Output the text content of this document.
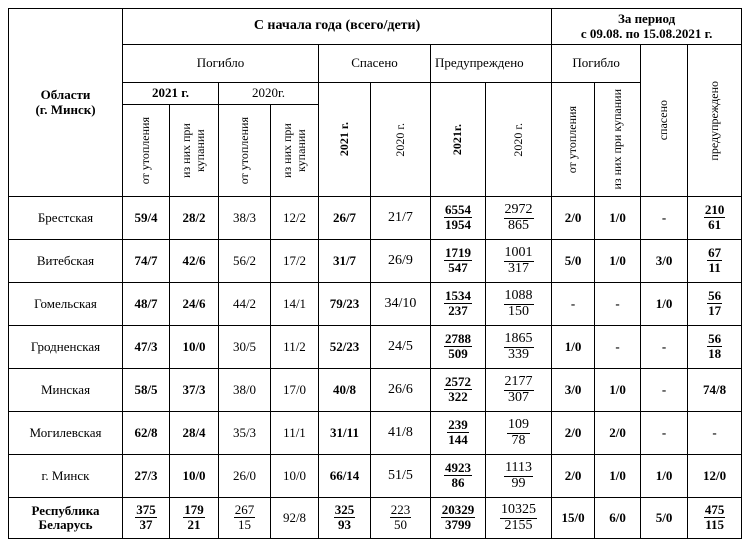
Области
(г. Минск)	С начала года (всего/дети)								За период
с 09.08. по 15.08.2021 г.			
	Погибло				Спасено		Предупреждено		Погибло		спасено	предупреждено

	2021 г.		2020г.		2021 г.	2020 г.	2021г.	2020 г.	от утопления	из них при купании		

	от утопления	из них при купании	от утопления	из них при купании								

Брестская	59/4	28/2	38/3	12/2	26/7	21/7	$\frac{6554}{1954}$	$\frac{2972}{865}$	2/0	1/0	-	$\frac{210}{61}$

Витебская	74/7	42/6	56/2	17/2	31/7	26/9	$\frac{1719}{547}$	$\frac{1001}{317}$	5/0	1/0	3/0	$\frac{67}{11}$

Гомельская	48/7	24/6	44/2	14/1	79/23	34/10	$\frac{1534}{237}$	$\frac{1088}{150}$	-	-	1/0	$\frac{56}{17}$

Гродненская	47/3	10/0	30/5	11/2	52/23	24/5	$\frac{2788}{509}$	$\frac{1865}{339}$	1/0	-	-	$\frac{56}{18}$

Минская	58/5	37/3	38/0	17/0	40/8	26/6	$\frac{2572}{322}$	$\frac{2177}{307}$	3/0	1/0	-	74/8
Могилевская	62/8	28/4	35/3	11/1	31/11	41/8	$\frac{239}{144}$	$\frac{109}{78}$	2/0	2/0	-	-
г. Минск	27/3	10/0	26/0	10/0	66/14	51/5	$\frac{4923}{86}$	$\frac{1113}{99}$	2/0	1/0	1/0	12/0
Республика Беларусь	$\frac{375}{37}$	$\frac{179}{21}$	$\frac{267}{15}$	92/8	$\frac{325}{93}$	$\frac{223}{50}$	$\frac{20329}{3799}$	$\frac{10325}{2155}$	15/0	6/0	5/0	$\frac{475}{115}$
